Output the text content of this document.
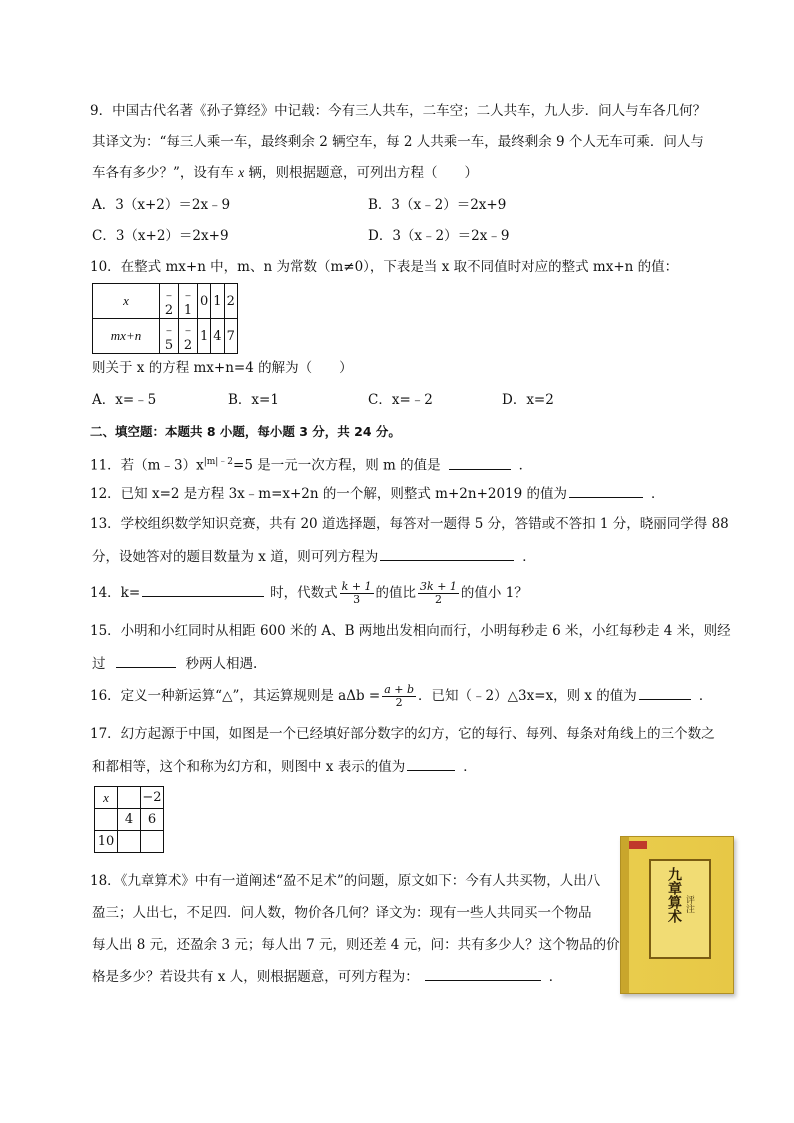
9．中国古代名著《孙子算经》中记载：今有三人共车，二车空；二人共车，九人步．问人与车各几何？
其译文为：“每三人乘一车，最终剩余 2 辆空车，每 2 人共乘一车，最终剩余 9 个人无车可乘．问人与
车各有多少？”，设有车 x 辆，则根据题意，可列出方程（　　）
A．3（x+2）＝2x﹣9	B．3（x﹣2）＝2x+9
C．3（x+2）＝2x+9	D．3（x﹣2）＝2x﹣9
10．在整式 mx+n 中，m、n 为常数（m≠0），下表是当 x 取不同值时对应的整式 mx+n 的值：
x	﹣2	﹣1	0	1	2
mx+n	﹣5	﹣2	1	4	7
则关于 x 的方程 mx+n=4 的解为（　　）
A．x=﹣5	B．x=1	C．x=﹣2	D．x=2
二、填空题：本题共 8 小题，每小题 3 分，共 24 分。
11．若$(m﹣3)x^{|m|﹣2}=5$ 是一元一次方程，则 m 的值是	．
12．已知 x=2 是方程 3x﹣m=x+2n 的一个解，则整式 m+2n+2019 的值为	．
13．学校组织数学知识竞赛，共有 20 道选择题，每答对一题得 5 分，答错或不答扣 1 分，晓丽同学得 88
分，设她答对的题目数量为 x 道，则可列方程为	．
14．k=	时，代数式 $\frac{k + 1}{3}$ 的值比 $\frac{3k + 1}{2}$ 的值小 1？
15．小明和小红同时从相距 600 米的 A、B 两地出发相向而行，小明每秒走 6 米，小红每秒走 4 米，则经
过	秒两人相遇.
16．定义一种新运算“△”，其运算规则是 $a\Delta b = \frac{a + b}{2}$ ．已知（﹣2）△3x=x，则 x 的值为	．
17．幻方起源于中国，如图是一个已经填好部分数字的幻方，它的每行、每列、每条对角线上的三个数之
和都相等，这个和称为幻方和，则图中 x 表示的值为	．
x		−2
	4	6
10		
18．《九章算术》中有一道阐述“盈不足术”的问题，原文如下：今有人共买物，人出八
盈三；人出七，不足四．问人数，物价各几何？译文为：现有一些人共同买一个物品
每人出 8 元，还盈余 3 元；每人出 7 元，则还差 4 元，问：共有多少人？这个物品的价
格是多少？若设共有 x 人，则根据题意，可列方程为：	．
九章算术 评注
